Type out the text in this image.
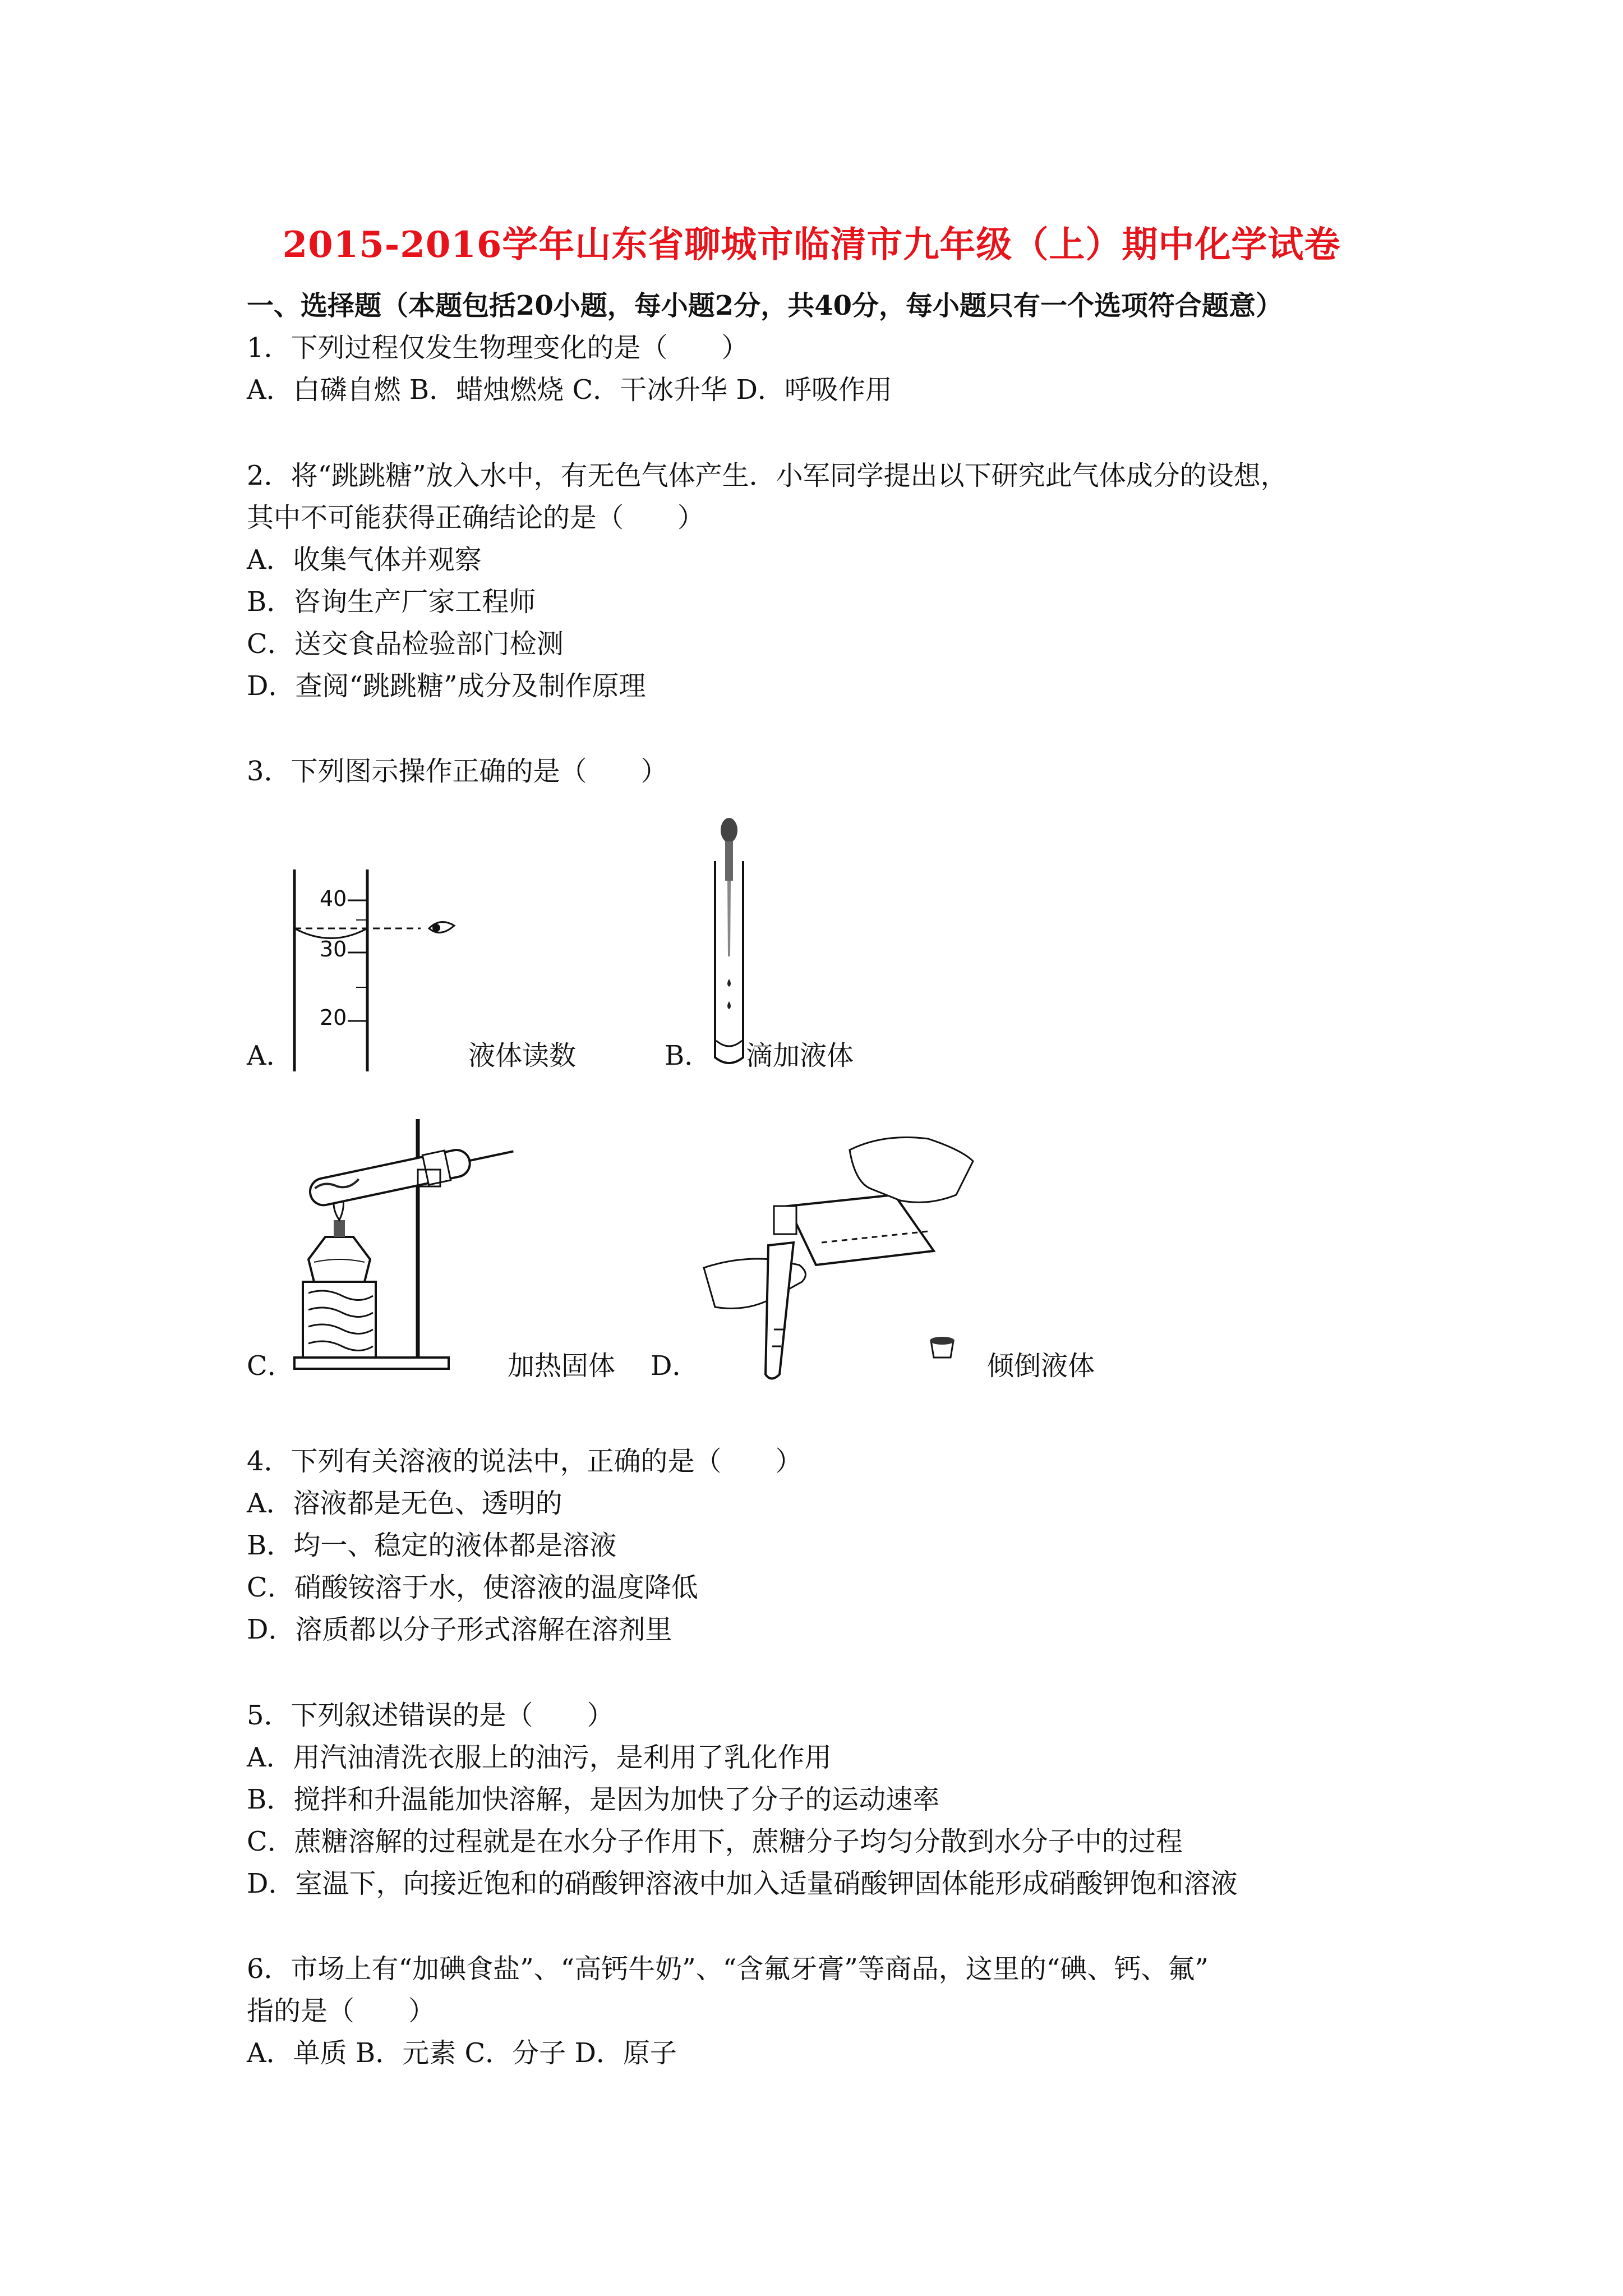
2015-2016学年山东省聊城市临清市九年级（上）期中化学试卷
一、选择题（本题包括20小题，每小题2分，共40分，每小题只有一个选项符合题意）
1．下列过程仅发生物理变化的是（　　）
A．白磷自燃 B．蜡烛燃烧 C．干冰升华 D．呼吸作用
2．将“跳跳糖”放入水中，有无色气体产生．小军同学提出以下研究此气体成分的设想，
其中不可能获得正确结论的是（　　）
A．收集气体并观察
B．咨询生产厂家工程师
C．送交食品检验部门检测
D．查阅“跳跳糖”成分及制作原理
3．下列图示操作正确的是（　　）
A．
40
30
20
液体读数	B． 滴加液体
C．	加热固体 D．	倾倒液体
4．下列有关溶液的说法中，正确的是（　　）
A．溶液都是无色、透明的
B．均一、稳定的液体都是溶液
C．硝酸铵溶于水，使溶液的温度降低
D．溶质都以分子形式溶解在溶剂里
5．下列叙述错误的是（　　）
A．用汽油清洗衣服上的油污，是利用了乳化作用
B．搅拌和升温能加快溶解，是因为加快了分子的运动速率
C．蔗糖溶解的过程就是在水分子作用下，蔗糖分子均匀分散到水分子中的过程
D．室温下，向接近饱和的硝酸钾溶液中加入适量硝酸钾固体能形成硝酸钾饱和溶液
6．市场上有“加碘食盐”、“高钙牛奶”、“含氟牙膏”等商品，这里的“碘、钙、氟”
指的是（　　）
A．单质 B．元素 C．分子 D．原子
